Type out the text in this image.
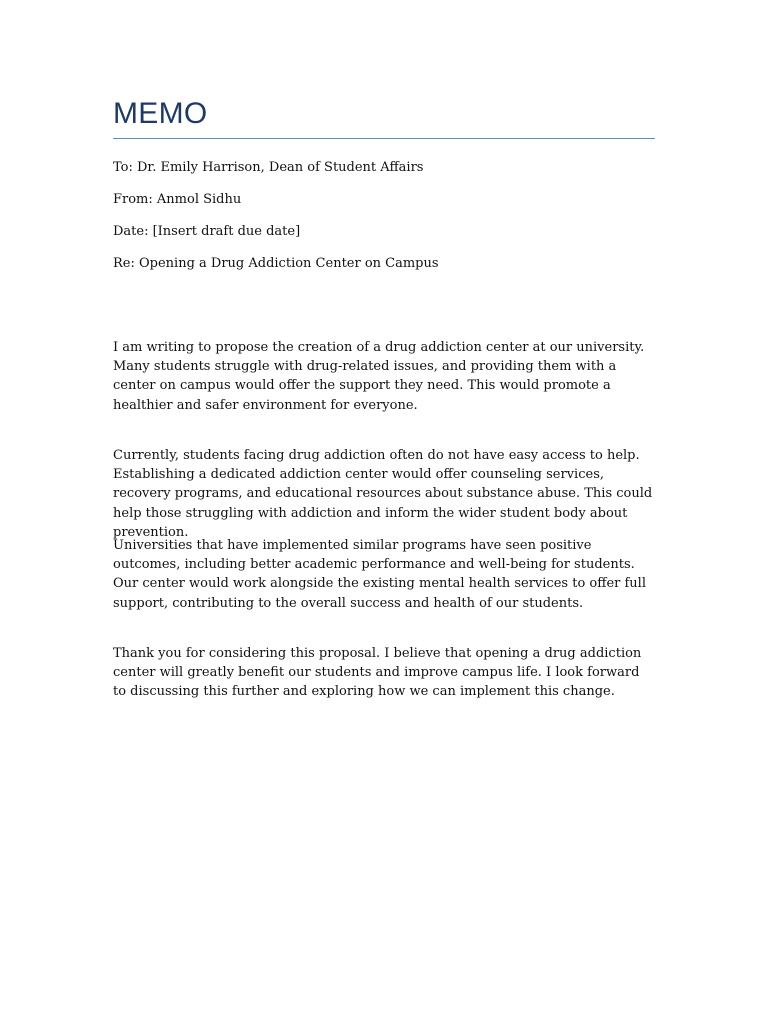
MEMO

To: Dr. Emily Harrison, Dean of Student Affairs

From: Anmol Sidhu

Date: [Insert draft due date]

Re: Opening a Drug Addiction Center on Campus

I am writing to propose the creation of a drug addiction center at our university. Many students struggle with drug-related issues, and providing them with a center on campus would offer the support they need. This would promote a healthier and safer environment for everyone.

Currently, students facing drug addiction often do not have easy access to help. Establishing a dedicated addiction center would offer counseling services, recovery programs, and educational resources about substance abuse. This could help those struggling with addiction and inform the wider student body about prevention.

Universities that have implemented similar programs have seen positive outcomes, including better academic performance and well-being for students. Our center would work alongside the existing mental health services to offer full support, contributing to the overall success and health of our students.

Thank you for considering this proposal. I believe that opening a drug addiction center will greatly benefit our students and improve campus life. I look forward to discussing this further and exploring how we can implement this change.
